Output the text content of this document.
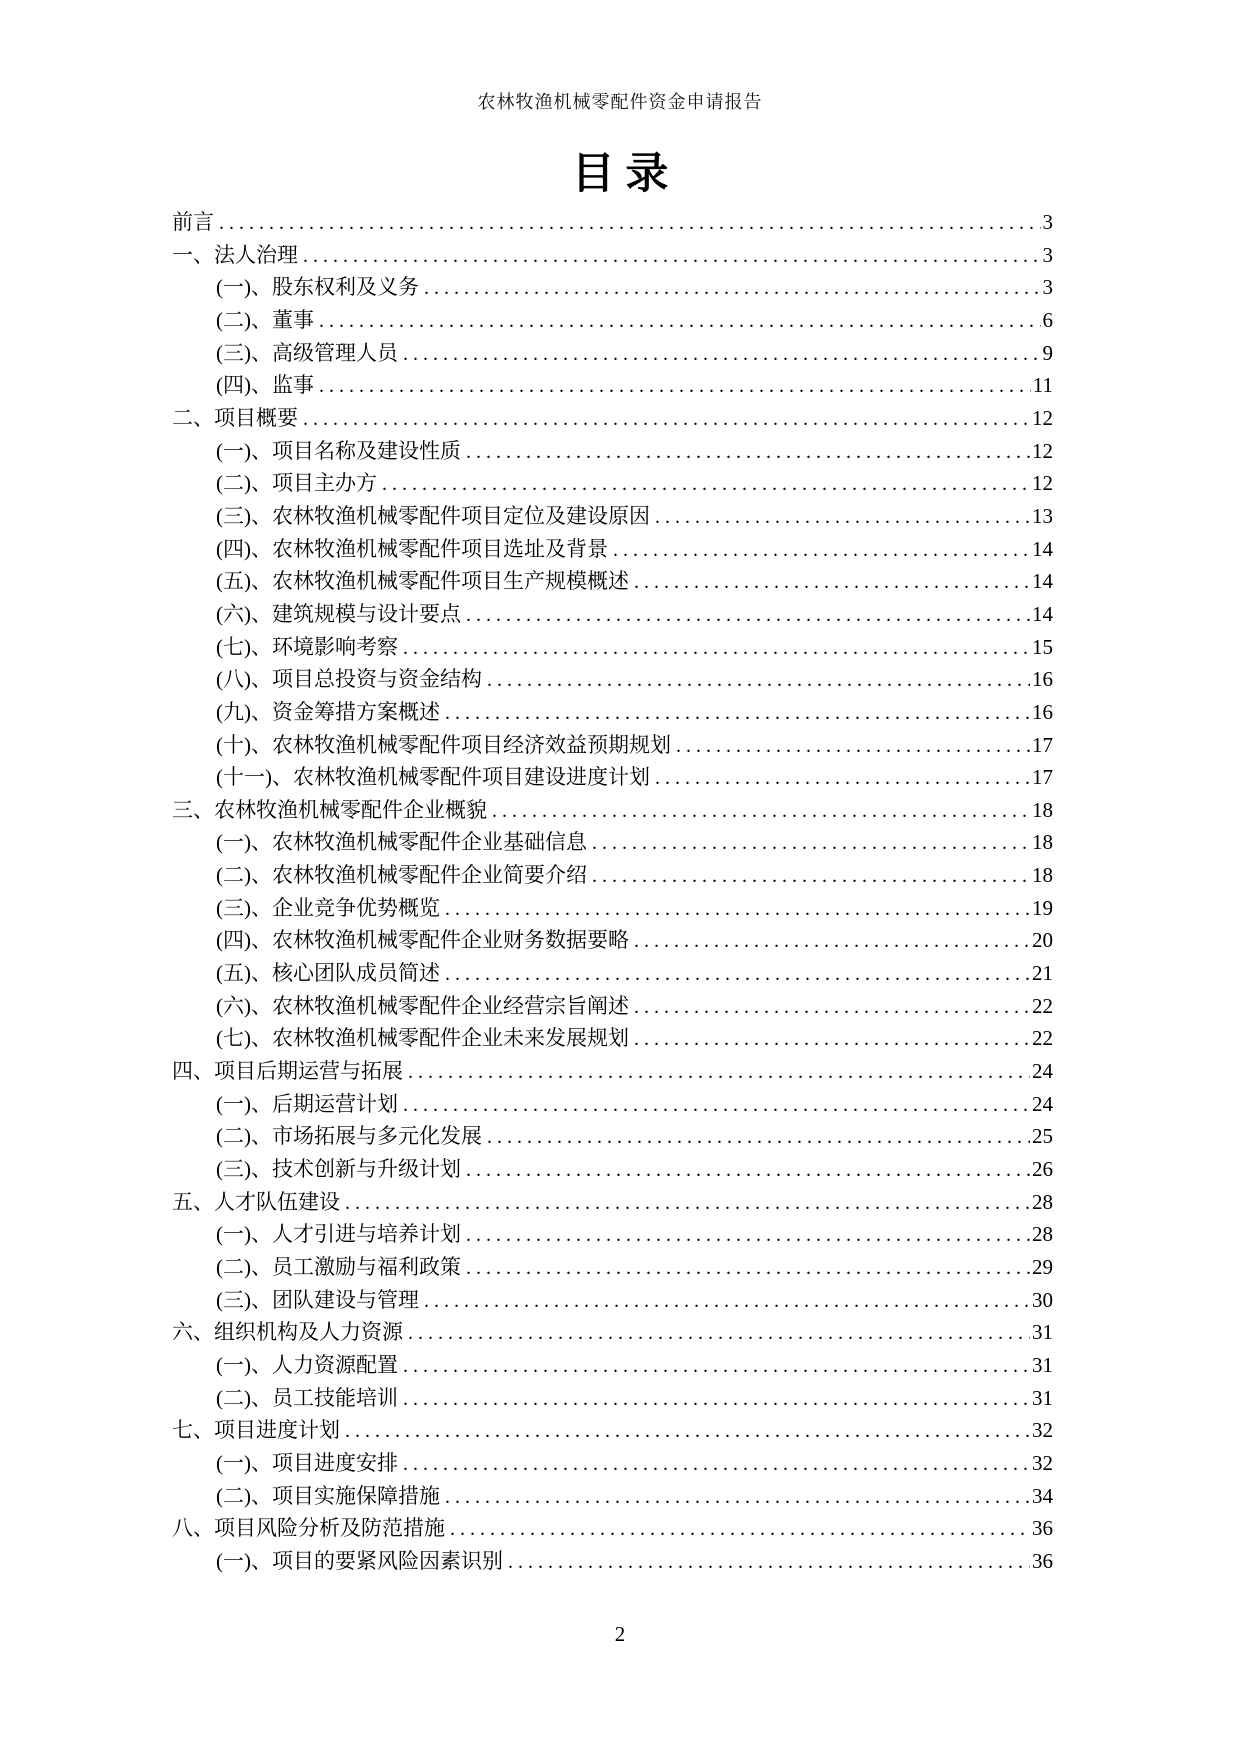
农林牧渔机械零配件资金申请报告
目 录
前言 .....	3
一、法人治理 .....	3
(一)、股东权利及义务 .....	3
(二)、董事 .....	6
(三)、高级管理人员 .....	9
(四)、监事 .....	11
二、项目概要 .....	12
(一)、项目名称及建设性质 .....	12
(二)、项目主办方 .....	12
(三)、农林牧渔机械零配件项目定位及建设原因 .....	13
(四)、农林牧渔机械零配件项目选址及背景 .....	14
(五)、农林牧渔机械零配件项目生产规模概述 .....	14
(六)、建筑规模与设计要点 .....	14
(七)、环境影响考察 .....	15
(八)、项目总投资与资金结构 .....	16
(九)、资金筹措方案概述 .....	16
(十)、农林牧渔机械零配件项目经济效益预期规划 .....	17
(十一)、农林牧渔机械零配件项目建设进度计划 .....	17
三、农林牧渔机械零配件企业概貌 .....	18
(一)、农林牧渔机械零配件企业基础信息 .....	18
(二)、农林牧渔机械零配件企业简要介绍 .....	18
(三)、企业竞争优势概览 .....	19
(四)、农林牧渔机械零配件企业财务数据要略 .....	20
(五)、核心团队成员简述 .....	21
(六)、农林牧渔机械零配件企业经营宗旨阐述 .....	22
(七)、农林牧渔机械零配件企业未来发展规划 .....	22
四、项目后期运营与拓展 .....	24
(一)、后期运营计划 .....	24
(二)、市场拓展与多元化发展 .....	25
(三)、技术创新与升级计划 .....	26
五、人才队伍建设 .....	28
(一)、人才引进与培养计划 .....	28
(二)、员工激励与福利政策 .....	29
(三)、团队建设与管理 .....	30
六、组织机构及人力资源 .....	31
(一)、人力资源配置 .....	31
(二)、员工技能培训 .....	31
七、项目进度计划 .....	32
(一)、项目进度安排 .....	32
(二)、项目实施保障措施 .....	34
八、项目风险分析及防范措施 .....	36
(一)、项目的要紧风险因素识别 .....	36
2
